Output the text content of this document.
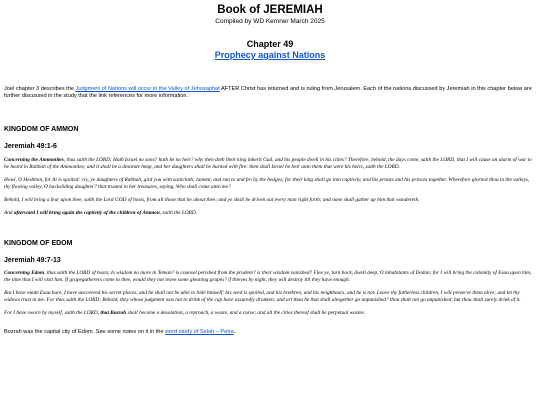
Book of JEREMIAH
Compiled by WD Kemner March 2025
Chapter 49
Prophecy against Nations

Joel chapter 3 describes the Judgment of Nations will occur in the Valley of Jehosaphat AFTER Christ has returned and is ruling from Jerusalem. Each of the nations discussed by Jeremiah in this chapter below are further discussed in the study that the link references for more information.

KINGDOM OF AMMON
Jeremiah 49:1-6

Concerning the Ammonites, thus saith the LORD; Hath Israel no sons? hath he no heir? why then doth their king inherit Gad, and his people dwell in his cities? Therefore, behold, the days come, saith the LORD, that I will cause an alarm of war to be heard in Rabbah of the Ammonites; and it shall be a desolate heap, and her daughters shall be burned with fire: then shall Israel be heir unto them that were his heirs, saith the LORD.

Howl, O Heshbon, for Ai is spoiled: cry, ye daughters of Rabbah, gird you with sackcloth; lament, and run to and fro by the hedges; for their king shall go into captivity, and his priests and his princes together. Wherefore gloriest thou in the valleys, thy flowing valley, O backsliding daughter? that trusted in her treasures, saying, Who shall come unto me?

Behold, I will bring a fear upon thee, saith the Lord GOD of hosts, from all those that be about thee; and ye shall be driven out every man right forth; and none shall gather up him that wandereth.

And afterward I will bring again the captivity of the children of Ammon, saith the LORD.

KINGDOM OF EDOM
Jeremiah 49:7-13

Concerning Edom, thus saith the LORD of hosts; Is wisdom no more in Teman? is counsel perished from the prudent? is their wisdom vanished? Flee ye, turn back, dwell deep, O inhabitants of Dedan; for I will bring the calamity of Esau upon him, the time that I will visit him. If grapegatherers come to thee, would they not leave some gleaning grapes? if thieves by night, they will destroy till they have enough.

But I have made Esau bare, I have uncovered his secret places, and he shall not be able to hide himself: his seed is spoiled, and his brethren, and his neighbours, and he is not. Leave thy fatherless children, I will preserve them alive; and let thy widows trust in me. For thus saith the LORD; Behold, they whose judgment was not to drink of the cup have assuredly drunken; and art thou he that shall altogether go unpunished? thou shalt not go unpunished, but thou shalt surely drink of it.

For I have sworn by myself, saith the LORD, that Bozrah shall become a desolation, a reproach, a waste, and a curse; and all the cities thereof shall be perpetual wastes.

Bozrah was the capital city of Edom. See some notes on it in the word study of Selah – Petra.
